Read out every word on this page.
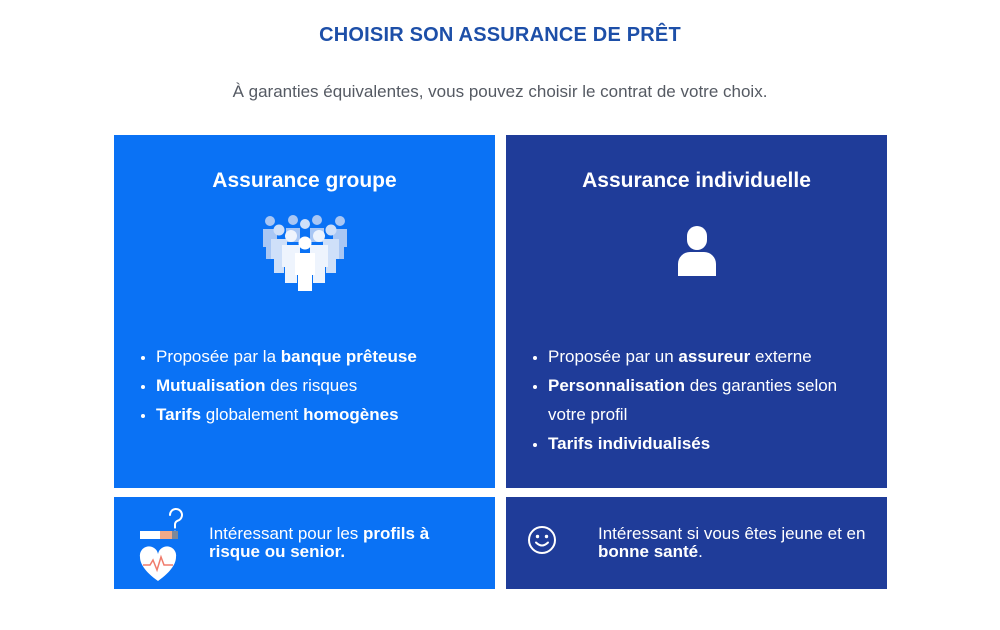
CHOISIR SON ASSURANCE DE PRÊT
À garanties équivalentes, vous pouvez choisir le contrat de votre choix.
Assurance groupe
• Proposée par la banque prêteuse
• Mutualisation des risques
• Tarifs globalement homogènes
Assurance individuelle
• Proposée par un assureur externe
• Personnalisation des garanties selon votre profil
• Tarifs individualisés
Intéressant pour les profils à risque ou senior.
Intéressant si vous êtes jeune et en bonne santé.
